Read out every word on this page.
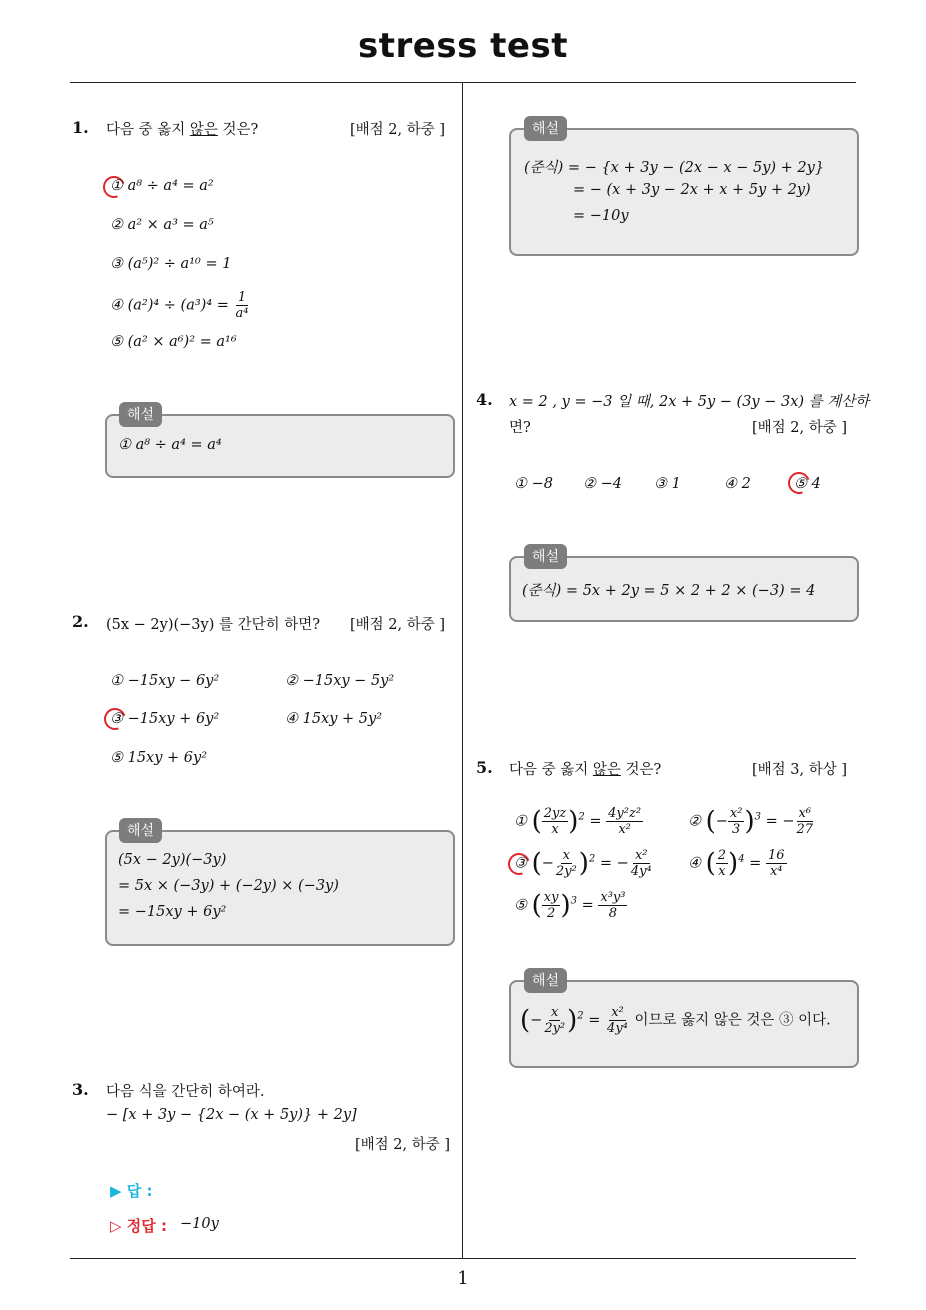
stress test
1
1. 다음 중 옳지 않은 것은?	[배점 2, 하중 ]
① a⁸ ÷ a⁴ = a²
② a² × a³ = a⁵
③ (a⁵)² ÷ a¹⁰ = 1
④ $(a^2)^4 \div (a^3)^4 = \frac{1}{\text{a⁴}}$
⑤ (a² × a⁶)² = a¹⁶
해설
① a⁸ ÷ a⁴ = a⁴
2. (5x − 2y)(−3y) 를 간단히 하면? [배점 2, 하중 ]
① −15xy − 6y²	② −15xy − 5y²
③ −15xy + 6y²	④ 15xy + 5y²
⑤ 15xy + 6y²
해설
(5x − 2y)(−3y)
= 5x × (−3y) + (−2y) × (−3y)
= −15xy + 6y²
3. 다음 식을 간단히 하여라.
− [x + 3y − {2x − (x + 5y)} + 2y]
[배점 2, 하중 ]
▶ 답 :
▷ 정답 : −10y
해설
(준식) = − {x + 3y − (2x − x − 5y) + 2y}
= − (x + 3y − 2x + x + 5y + 2y)
= −10y
4. x = 2 , y = −3 일 때, 2x + 5y − (3y − 3x) 를 계산하
면?	[배점 2, 하중 ]
① −8 ② −4 ③ 1	④ 2	⑤ 4
해설
(준식) = 5x + 2y = 5 × 2 + 2 × (−3) = 4
5. 다음 중 옳지 않은 것은?	[배점 3, 하상 ]
① ( $\frac{2yz}{x} )^2 = \frac{\text{4y²z²}}{\text{x²}}$	② (− $\frac{\text{x²}}{3} )^3$ = − $\frac{\text{x⁶}}{27}$
③ (− $\frac{x}{\text{2y²}} )^2$ = − $\frac{\text{x²}}{\text{4y⁴}}$ ④ ( $\frac{2}{x} )^4 = \frac{16}{\text{x⁴}}$
⑤ ( $\frac{xy}{2} )^3 = \frac{\text{x³y³}}{8}$
해설
(− $\frac{x}{\text{2y²}} )^2 = \frac{\text{x²}}{\text{4y⁴}}$ 이므로 옳지 않은 것은 ③ 이다.
